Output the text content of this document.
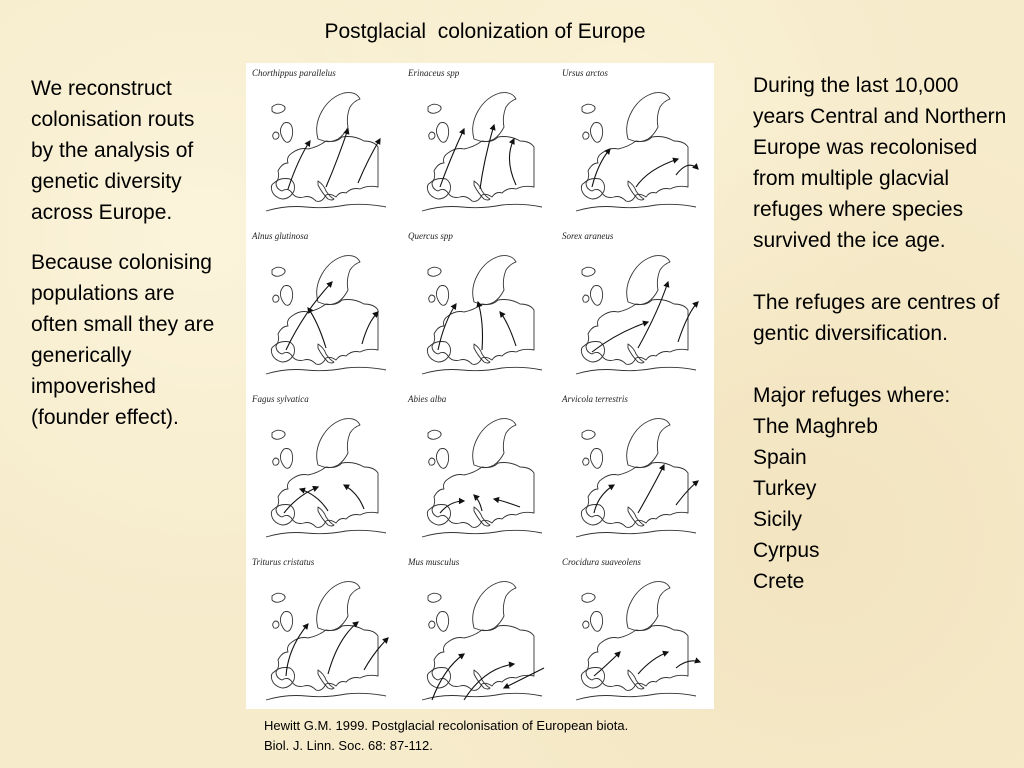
Postglacial  colonization of Europe

We reconstruct colonisation routs by the analysis of genetic diversity across Europe.

Because colonising populations are often small they are generically impoverished (founder effect).

Chorthippus parallelus	Erinaceus spp	Ursus arctos
Alnus glutinosa	Quercus spp	Sorex araneus
Fagus sylvatica	Abies alba	Arvicola terrestris
Triturus cristatus	Mus musculus	Crocidura suaveolens

During the last 10,000 years Central and Northern Europe was recolonised from multiple glacvial refuges where species survived the ice age.

The refuges are centres of gentic diversification.

Major refuges where:
The Maghreb
Spain
Turkey
Sicily
Cyrpus
Crete
Hewitt G.M. 1999. Postglacial recolonisation of European biota.
Biol. J. Linn. Soc. 68: 87-112.
